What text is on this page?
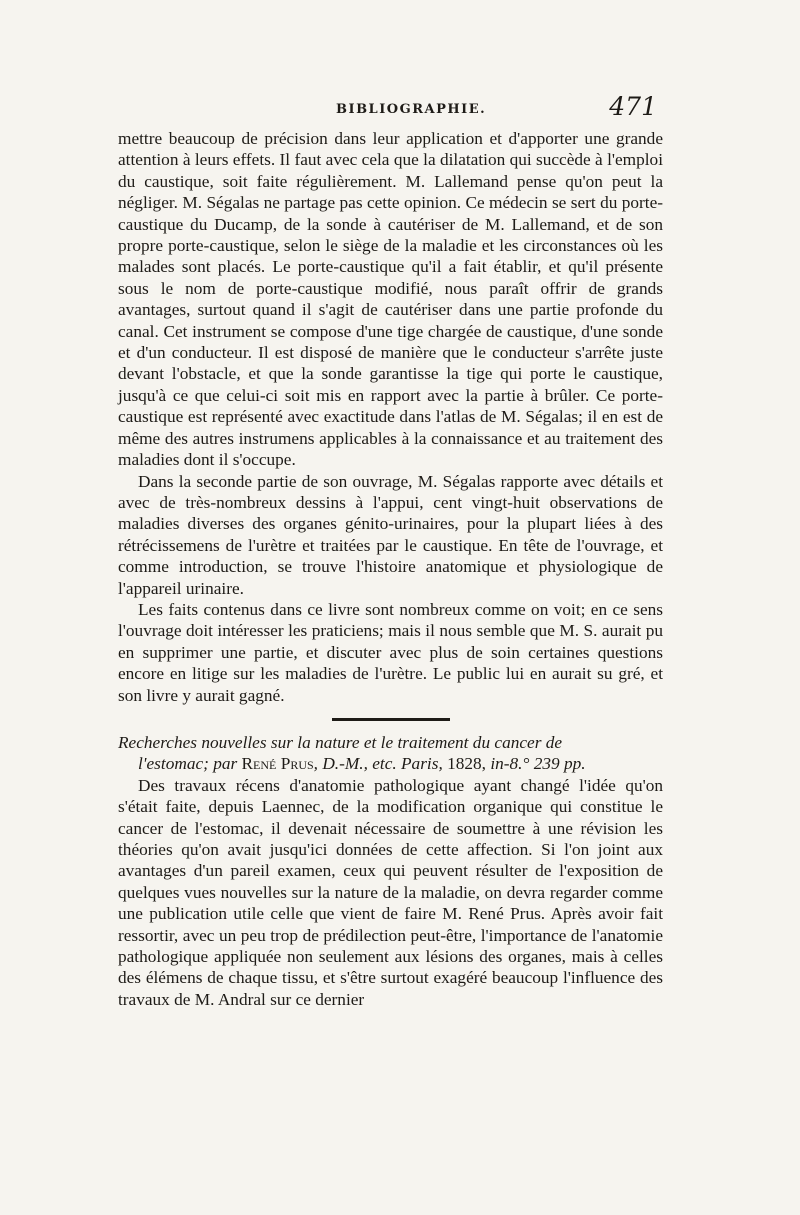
BIBLIOGRAPHIE.	471

mettre beaucoup de précision dans leur application et d'apporter une grande attention à leurs effets. Il faut avec cela que la dilatation qui succède à l'emploi du caustique, soit faite régulièrement. M. Lallemand pense qu'on peut la négliger. M. Ségalas ne partage pas cette opinion. Ce médecin se sert du porte-caustique du Ducamp, de la sonde à cautériser de M. Lallemand, et de son propre porte-caustique, selon le siège de la maladie et les circonstances où les malades sont placés. Le porte-caustique qu'il a fait établir, et qu'il présente sous le nom de porte-caustique modifié, nous paraît offrir de grands avantages, surtout quand il s'agit de cautériser dans une partie profonde du canal. Cet instrument se compose d'une tige chargée de caustique, d'une sonde et d'un conducteur. Il est disposé de manière que le conducteur s'arrête juste devant l'obstacle, et que la sonde garantisse la tige qui porte le caustique, jusqu'à ce que celui-ci soit mis en rapport avec la partie à brûler. Ce porte-caustique est représenté avec exactitude dans l'atlas de M. Ségalas; il en est de même des autres instrumens applicables à la connaissance et au traitement des maladies dont il s'occupe.

Dans la seconde partie de son ouvrage, M. Ségalas rapporte avec détails et avec de très-nombreux dessins à l'appui, cent vingt-huit observations de maladies diverses des organes génito-urinaires, pour la plupart liées à des rétrécissemens de l'urètre et traitées par le caustique. En tête de l'ouvrage, et comme introduction, se trouve l'histoire anatomique et physiologique de l'appareil urinaire.

Les faits contenus dans ce livre sont nombreux comme on voit; en ce sens l'ouvrage doit intéresser les praticiens; mais il nous semble que M. S. aurait pu en supprimer une partie, et discuter avec plus de soin certaines questions encore en litige sur les maladies de l'urètre. Le public lui en aurait su gré, et son livre y aurait gagné.

Recherches nouvelles sur la nature et le traitement du cancer de
l'estomac; par René Prus, D.-M., etc. Paris, 1828, in-8.° 239 pp.

Des travaux récens d'anatomie pathologique ayant changé l'idée qu'on s'était faite, depuis Laennec, de la modification organique qui constitue le cancer de l'estomac, il devenait nécessaire de soumettre à une révision les théories qu'on avait jusqu'ici données de cette affection. Si l'on joint aux avantages d'un pareil examen, ceux qui peuvent résulter de l'exposition de quelques vues nouvelles sur la nature de la maladie, on devra regarder comme une publication utile celle que vient de faire M. René Prus. Après avoir fait ressortir, avec un peu trop de prédilection peut-être, l'importance de l'anatomie pathologique appliquée non seulement aux lésions des organes, mais à celles des élémens de chaque tissu, et s'être surtout exagéré beaucoup l'influence des travaux de M. Andral sur ce dernier
